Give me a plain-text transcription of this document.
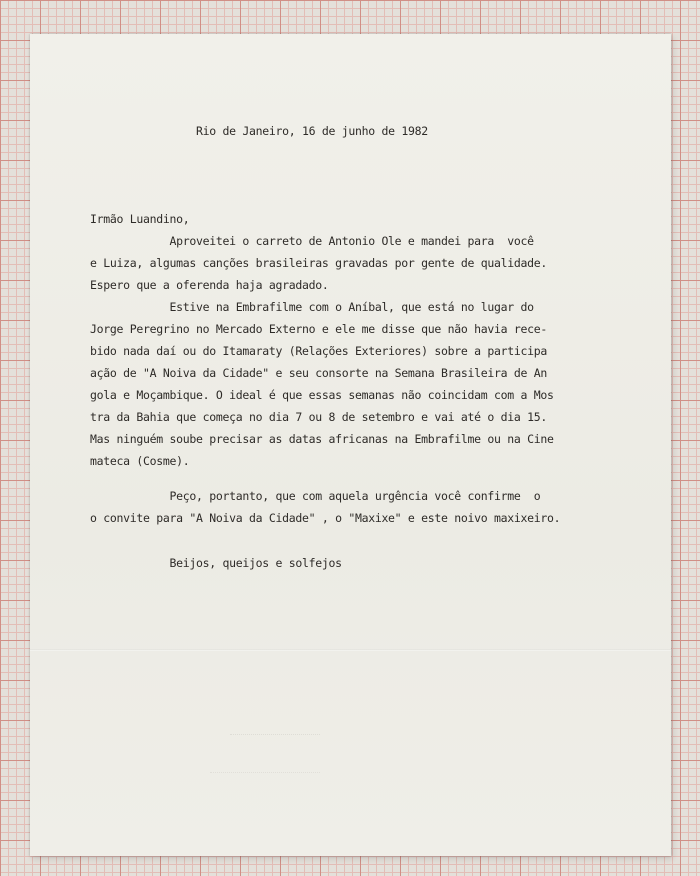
Rio de Janeiro, 16 de junho de 1982

Irmão Luandino,

Aproveitei o carreto de Antonio Ole e mandei para  você

e Luiza, algumas canções brasileiras gravadas por gente de qualidade.

Espero que a oferenda haja agradado.

Estive na Embrafilme com o Aníbal, que está no lugar do

Jorge Peregrino no Mercado Externo e ele me disse que não havia rece-

bido nada daí ou do Itamaraty (Relações Exteriores) sobre a participa

ação de "A Noiva da Cidade" e seu consorte na Semana Brasileira de An

gola e Moçambique. O ideal é que essas semanas não coincidam com a Mos

tra da Bahia que começa no dia 7 ou 8 de setembro e vai até o dia 15.

Mas ninguém soube precisar as datas africanas na Embrafilme ou na Cine

mateca (Cosme).

Peço, portanto, que com aquela urgência você confirme  o

o convite para "A Noiva da Cidade" , o "Maxixe" e este noivo maxixeiro.

Beijos, queijos e solfejos
